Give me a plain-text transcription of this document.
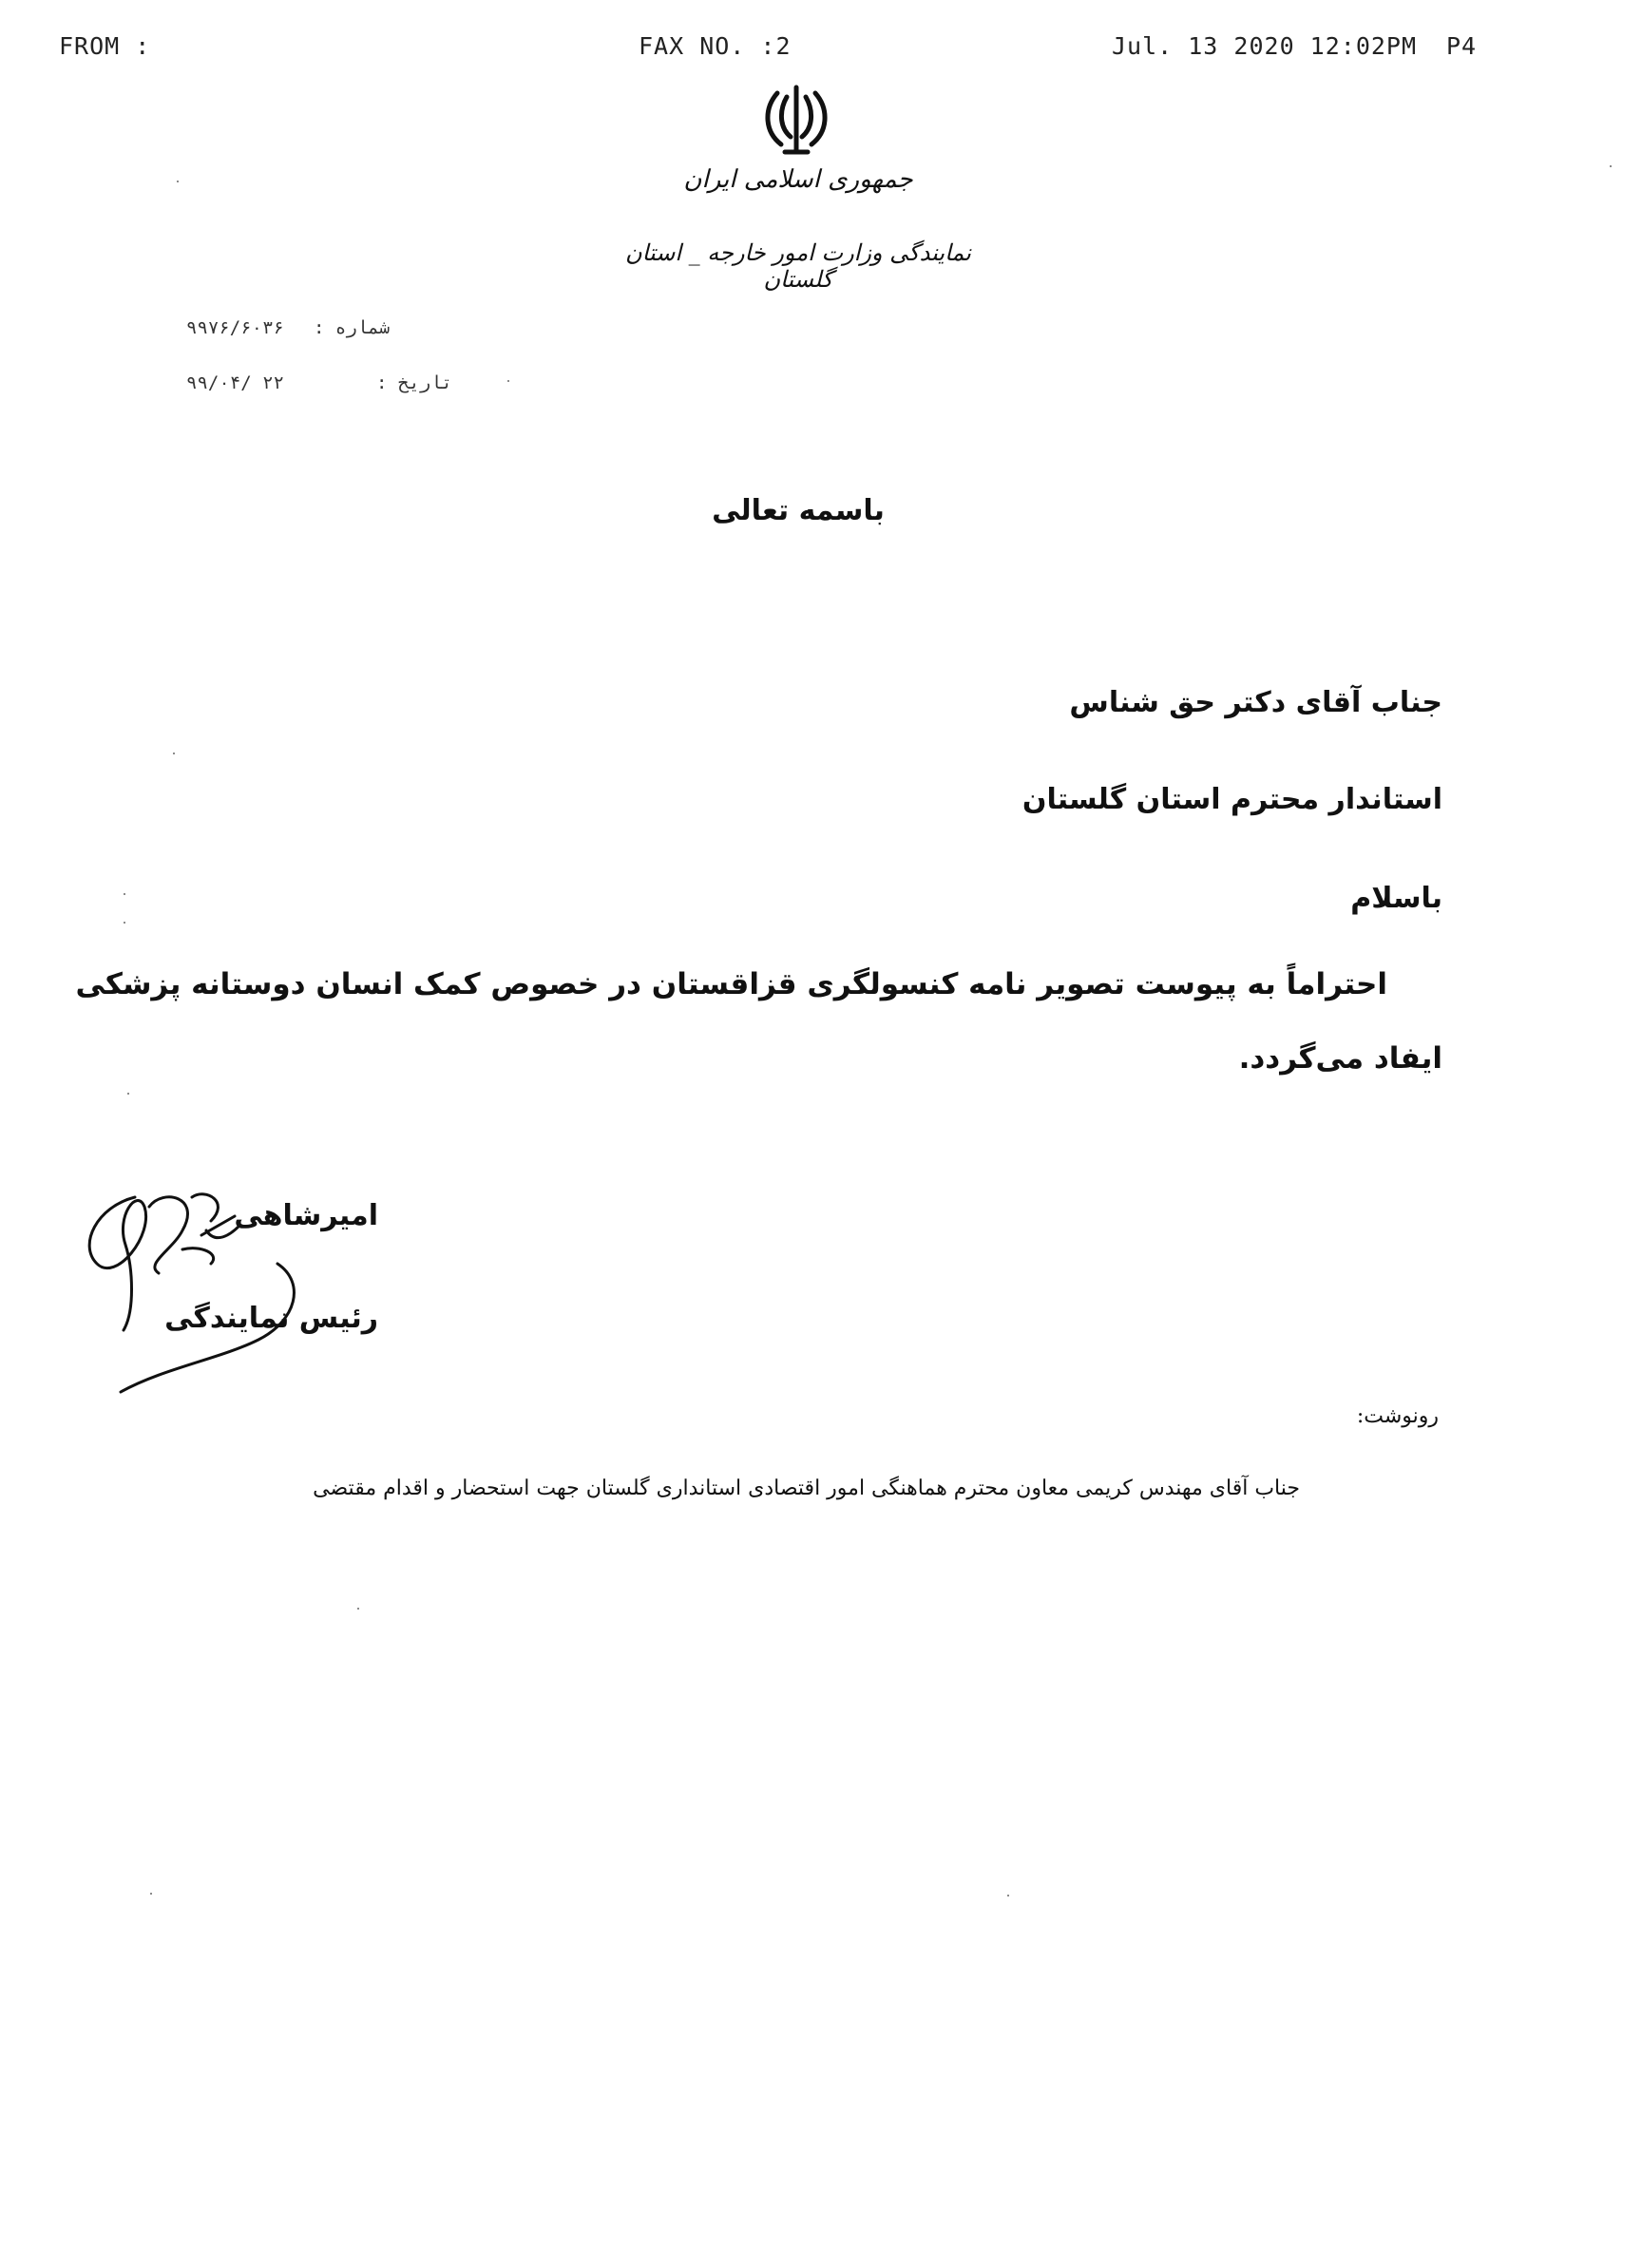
FROM :	FAX NO. :2	Jul. 13 2020 12:02PM P4
جمهوری اسلامی ایران
نمایندگی وزارت امور خارجه _ استان گلستان
شماره :
۹۹۷۶/۶۰۳۶
تاریخ :
۹۹/۰۴/ ۲۲
باسمه تعالی
جناب آقای دکتر حق شناس
استاندار محترم استان گلستان
باسلام
احتراماً به پیوست تصویر نامه کنسولگری قزاقستان در خصوص کمک انسان دوستانه پزشکی
ایفاد می‌گردد.
امیرشاهی
رئیس نمایندگی
رونوشت:
جناب آقای مهندس کریمی معاون محترم هماهنگی امور اقتصادی استانداری گلستان جهت استحضار و اقدام مقتضی
